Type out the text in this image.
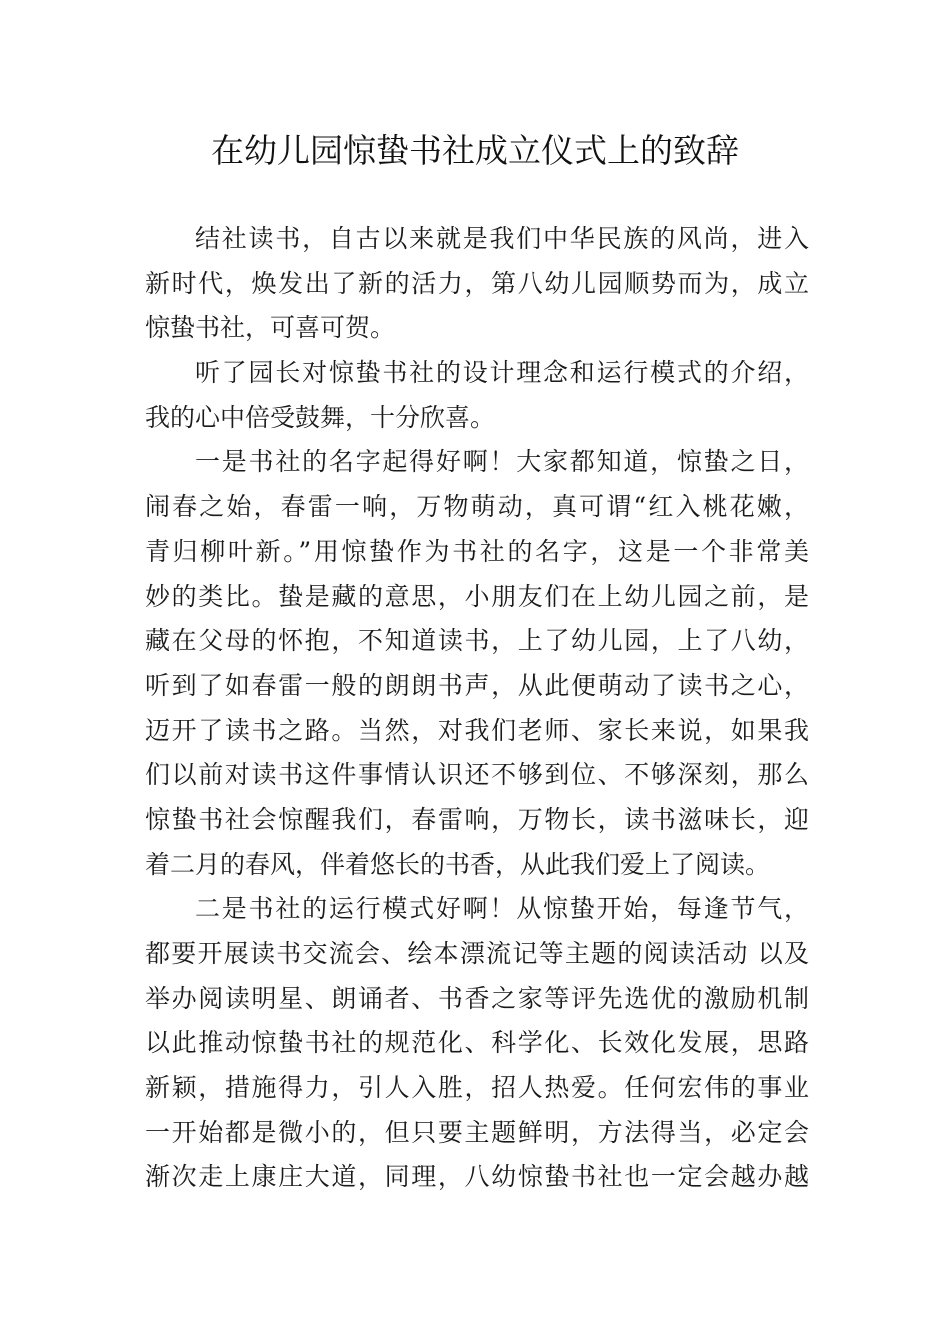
在幼儿园惊蛰书社成立仪式上的致辞
结社读书，自古以来就是我们中华民族的风尚，进入
新时代，焕发出了新的活力，第八幼儿园顺势而为，成立
惊蛰书社，可喜可贺。
听了园长对惊蛰书社的设计理念和运行模式的介绍，
我的心中倍受鼓舞，十分欣喜。
一是书社的名字起得好啊！大家都知道，惊蛰之日，
闹春之始，春雷一响，万物萌动，真可谓“红入桃花嫩，
青归柳叶新。”用惊蛰作为书社的名字，这是一个非常美
妙的类比。蛰是藏的意思，小朋友们在上幼儿园之前，是
藏在父母的怀抱，不知道读书，上了幼儿园，上了八幼，
听到了如春雷一般的朗朗书声，从此便萌动了读书之心，
迈开了读书之路。当然，对我们老师、家长来说，如果我
们以前对读书这件事情认识还不够到位、不够深刻，那么
惊蛰书社会惊醒我们，春雷响，万物长，读书滋味长，迎
着二月的春风，伴着悠长的书香，从此我们爱上了阅读。
二是书社的运行模式好啊！从惊蛰开始，每逢节气，
都要开展读书交流会、绘本漂流记等主题的阅读活动 以及
举办阅读明星、朗诵者、书香之家等评先选优的激励机制
以此推动惊蛰书社的规范化、科学化、长效化发展，思路
新颖，措施得力，引人入胜，招人热爱。任何宏伟的事业
一开始都是微小的，但只要主题鲜明，方法得当，必定会
渐次走上康庄大道，同理，八幼惊蛰书社也一定会越办越
